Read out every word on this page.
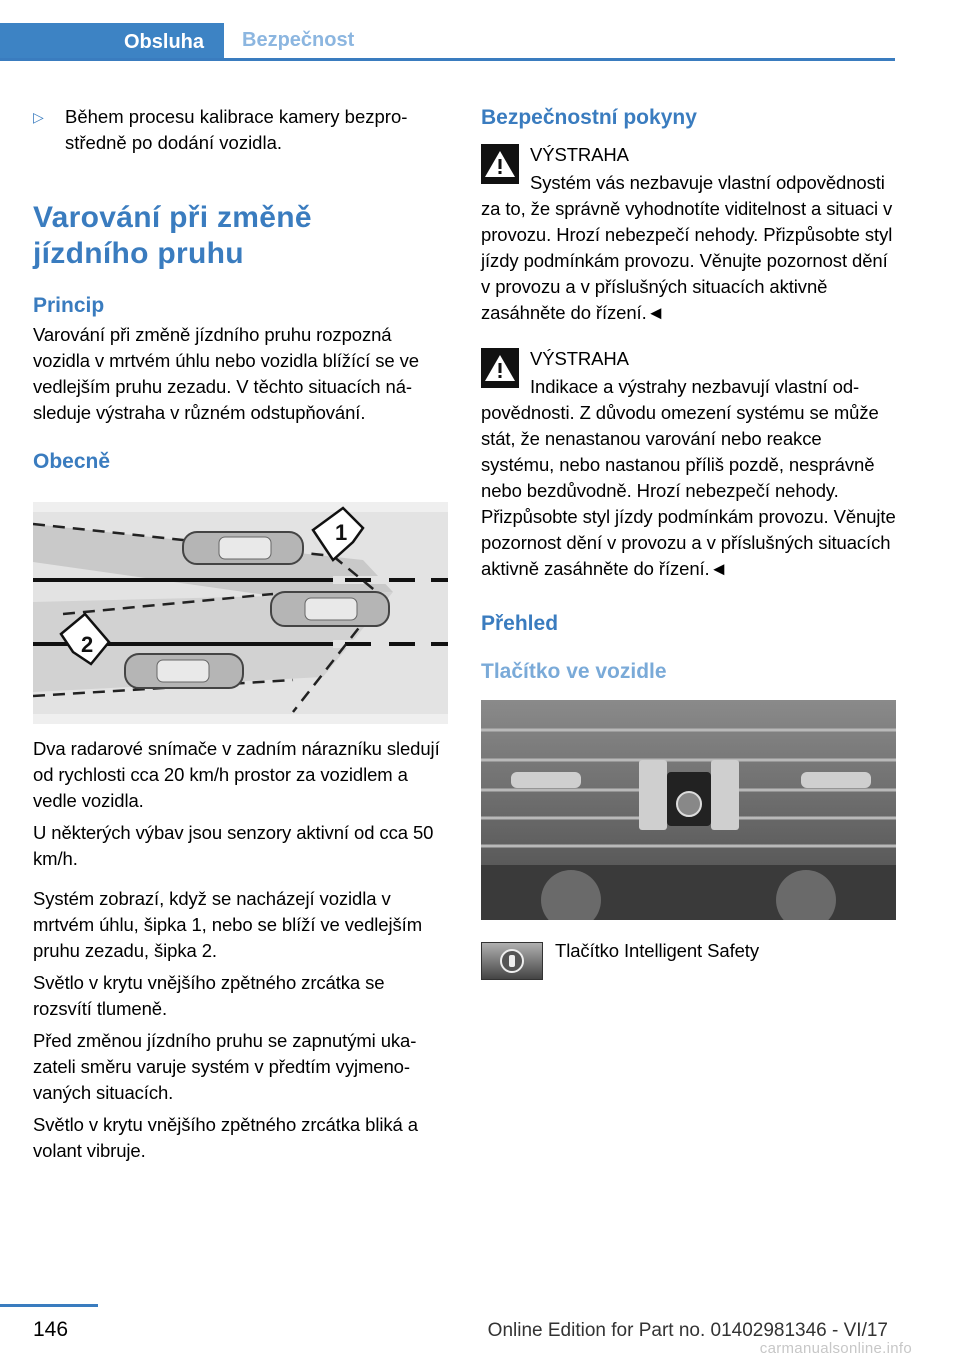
Obsluha	Bezpečnost
▷	Během procesu kalibrace kamery bezprostředně po dodání vozidla.
Varování při změně jízdního pruhu
Princip

Varování při změně jízdního pruhu rozpozná vozidla v mrtvém úhlu nebo vozidla blížící se ve vedlejším pruhu zezadu. V těchto situacích následuje výstraha v různém odstupňování.

Obecně
1
2

Dva radarové snímače v zadním nárazníku sledují od rychlosti cca 20 km/h prostor za vozidlem a vedle vozidla.

U některých výbav jsou senzory aktivní od cca 50 km/h.

Systém zobrazí, když se nacházejí vozidla v mrtvém úhlu, šipka 1, nebo se blíží ve vedlejším pruhu zezadu, šipka 2.

Světlo v krytu vnějšího zpětného zrcátka se rozsvítí tlumeně.

Před změnou jízdního pruhu se zapnutými ukazateli směru varuje systém v předtím vyjmenovaných situacích.

Světlo v krytu vnějšího zpětného zrcátka bliká a volant vibruje.

Bezpečnostní pokyny

VÝSTRAHA

Systém vás nezbavuje vlastní odpovědnosti za to, že správně vyhodnotíte viditelnost a situaci v provozu. Hrozí nebezpečí nehody. Přizpůsobte styl jízdy podmínkám provozu. Věnujte pozornost dění v provozu a v příslušných situacích aktivně zasáhněte do řízení.◄

VÝSTRAHA

Indikace a výstrahy nezbavují vlastní odpovědnosti. Z důvodu omezení systému se může stát, že nenastanou varování nebo reakce systému, nebo nastanou příliš pozdě, nesprávně nebo bezdůvodně. Hrozí nebezpečí nehody. Přizpůsobte styl jízdy podmínkám provozu. Věnujte pozornost dění v provozu a v příslušných situacích aktivně zasáhněte do řízení.◄

Přehled
Tlačítko ve vozidle

Tlačítko Intelligent Safety

146	Online Edition for Part no. 01402981346 - VI/17
carmanualsonline.info
